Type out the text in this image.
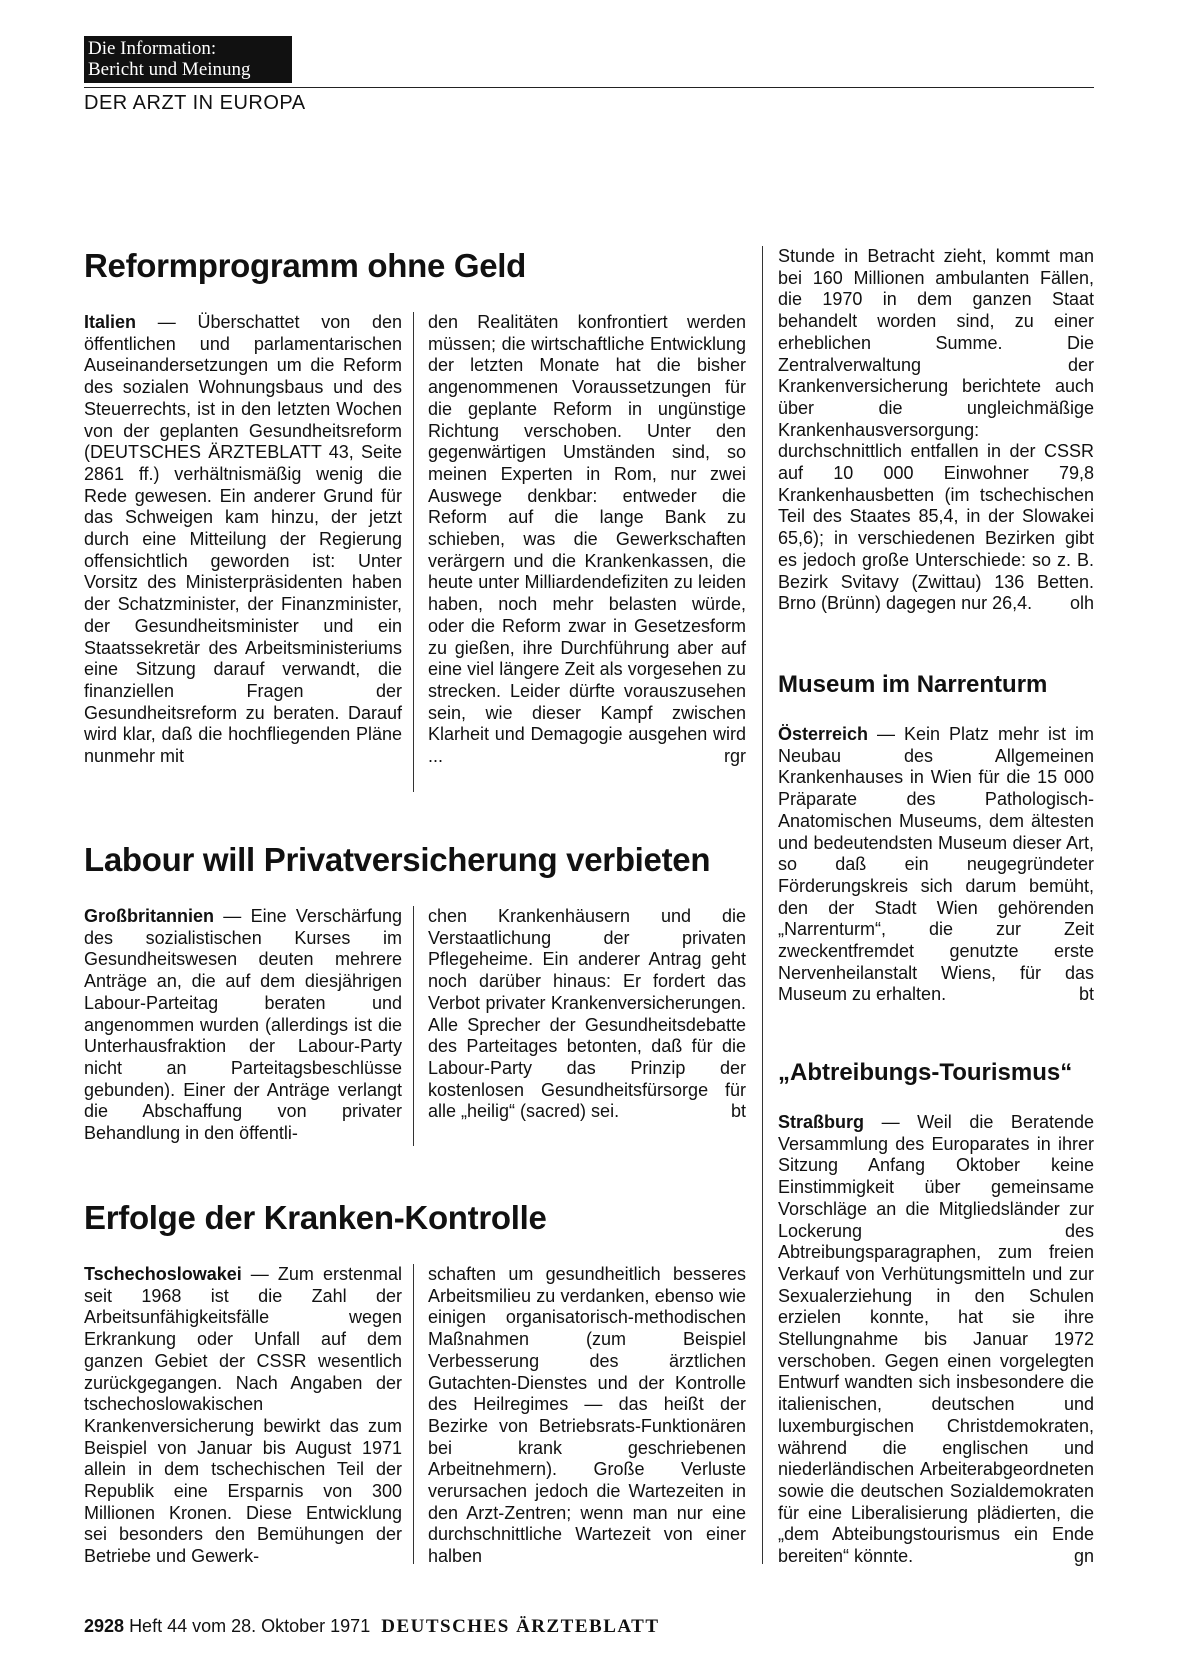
Die Information:
Bericht und Meinung
DER ARZT IN EUROPA
Reformprogramm ohne Geld
Italien — Überschattet von den öffentlichen und parlamentarischen Auseinandersetzungen um die Reform des sozialen Wohnungsbaus und des Steuerrechts, ist in den letzten Wochen von der geplanten Gesundheitsreform (DEUTSCHES ÄRZTEBLATT 43, Seite 2861 ff.) verhältnismäßig wenig die Rede gewesen. Ein anderer Grund für das Schweigen kam hinzu, der jetzt durch eine Mitteilung der Regierung offensichtlich geworden ist: Unter Vorsitz des Ministerpräsidenten haben der Schatzminister, der Finanzminister, der Gesundheitsminister und ein Staatssekretär des Arbeitsministeriums eine Sitzung darauf verwandt, die finanziellen Fragen der Gesundheitsreform zu beraten. Darauf wird klar, daß die hochfliegenden Pläne nunmehr mit
den Realitäten konfrontiert werden müssen; die wirtschaftliche Entwicklung der letzten Monate hat die bisher angenommenen Voraussetzungen für die geplante Reform in ungünstige Richtung verschoben. Unter den gegenwärtigen Umständen sind, so meinen Experten in Rom, nur zwei Auswege denkbar: entweder die Reform auf die lange Bank zu schieben, was die Gewerkschaften verärgern und die Krankenkassen, die heute unter Milliardendefiziten zu leiden haben, noch mehr belasten würde, oder die Reform zwar in Gesetzesform zu gießen, ihre Durchführung aber auf eine viel längere Zeit als vorgesehen zu strecken. Leider dürfte vorauszusehen sein, wie dieser Kampf zwischen Klarheit und Demagogie ausgehen wird ...	rgr
Labour will Privatversicherung verbieten
Großbritannien — Eine Verschärfung des sozialistischen Kurses im Gesundheitswesen deuten mehrere Anträge an, die auf dem diesjährigen Labour-Parteitag beraten und angenommen wurden (allerdings ist die Unterhausfraktion der Labour-Party nicht an Parteitagsbeschlüsse gebunden). Einer der Anträge verlangt die Abschaffung von privater Behandlung in den öffentli-
chen Krankenhäusern und die Verstaatlichung der privaten Pflegeheime. Ein anderer Antrag geht noch darüber hinaus: Er fordert das Verbot privater Krankenversicherungen. Alle Sprecher der Gesundheitsdebatte des Parteitages betonten, daß für die Labour-Party das Prinzip der kostenlosen Gesundheitsfürsorge für alle „heilig“ (sacred) sei.	bt
Erfolge der Kranken-Kontrolle
Tschechoslowakei — Zum erstenmal seit 1968 ist die Zahl der Arbeitsunfähigkeitsfälle wegen Erkrankung oder Unfall auf dem ganzen Gebiet der CSSR wesentlich zurückgegangen. Nach Angaben der tschechoslowakischen Krankenversicherung bewirkt das zum Beispiel von Januar bis August 1971 allein in dem tschechischen Teil der Republik eine Ersparnis von 300 Millionen Kronen. Diese Entwicklung sei besonders den Bemühungen der Betriebe und Gewerk-
schaften um gesundheitlich besseres Arbeitsmilieu zu verdanken, ebenso wie einigen organisatorisch-methodischen Maßnahmen (zum Beispiel Verbesserung des ärztlichen Gutachten-Dienstes und der Kontrolle des Heilregimes — das heißt der Bezirke von Betriebsrats-Funktionären bei krank geschriebenen Arbeitnehmern). Große Verluste verursachen jedoch die Wartezeiten in den Arzt-Zentren; wenn man nur eine durchschnittliche Wartezeit von einer halben
Stunde in Betracht zieht, kommt man bei 160 Millionen ambulanten Fällen, die 1970 in dem ganzen Staat behandelt worden sind, zu einer erheblichen Summe. Die Zentralverwaltung der Krankenversicherung berichtete auch über die ungleichmäßige Krankenhausversorgung: durchschnittlich entfallen in der CSSR auf 10 000 Einwohner 79,8 Krankenhausbetten (im tschechischen Teil des Staates 85,4, in der Slowakei 65,6); in verschiedenen Bezirken gibt es jedoch große Unterschiede: so z. B. Bezirk Svitavy (Zwittau) 136 Betten. Brno (Brünn) dagegen nur 26,4. olh
Museum im Narrenturm
Österreich — Kein Platz mehr ist im Neubau des Allgemeinen Krankenhauses in Wien für die 15 000 Präparate des Pathologisch-Anatomischen Museums, dem ältesten und bedeutendsten Museum dieser Art, so daß ein neugegründeter Förderungskreis sich darum bemüht, den der Stadt Wien gehörenden „Narrenturm“, die zur Zeit zweckentfremdet genutzte erste Nervenheilanstalt Wiens, für das Museum zu erhalten.	bt
„Abtreibungs-Tourismus“
Straßburg — Weil die Beratende Versammlung des Europarates in ihrer Sitzung Anfang Oktober keine Einstimmigkeit über gemeinsame Vorschläge an die Mitgliedsländer zur Lockerung des Abtreibungsparagraphen, zum freien Verkauf von Verhütungsmitteln und zur Sexualerziehung in den Schulen erzielen konnte, hat sie ihre Stellungnahme bis Januar 1972 verschoben. Gegen einen vorgelegten Entwurf wandten sich insbesondere die italienischen, deutschen und luxemburgischen Christdemokraten, während die englischen und niederländischen Arbeiterabgeordneten sowie die deutschen Sozialdemokraten für eine Liberalisierung plädierten, die „dem Abteibungstourismus ein Ende bereiten“ könnte.	gn
2928 Heft 44 vom 28. Oktober 1971 DEUTSCHES ÄRZTEBLATT
